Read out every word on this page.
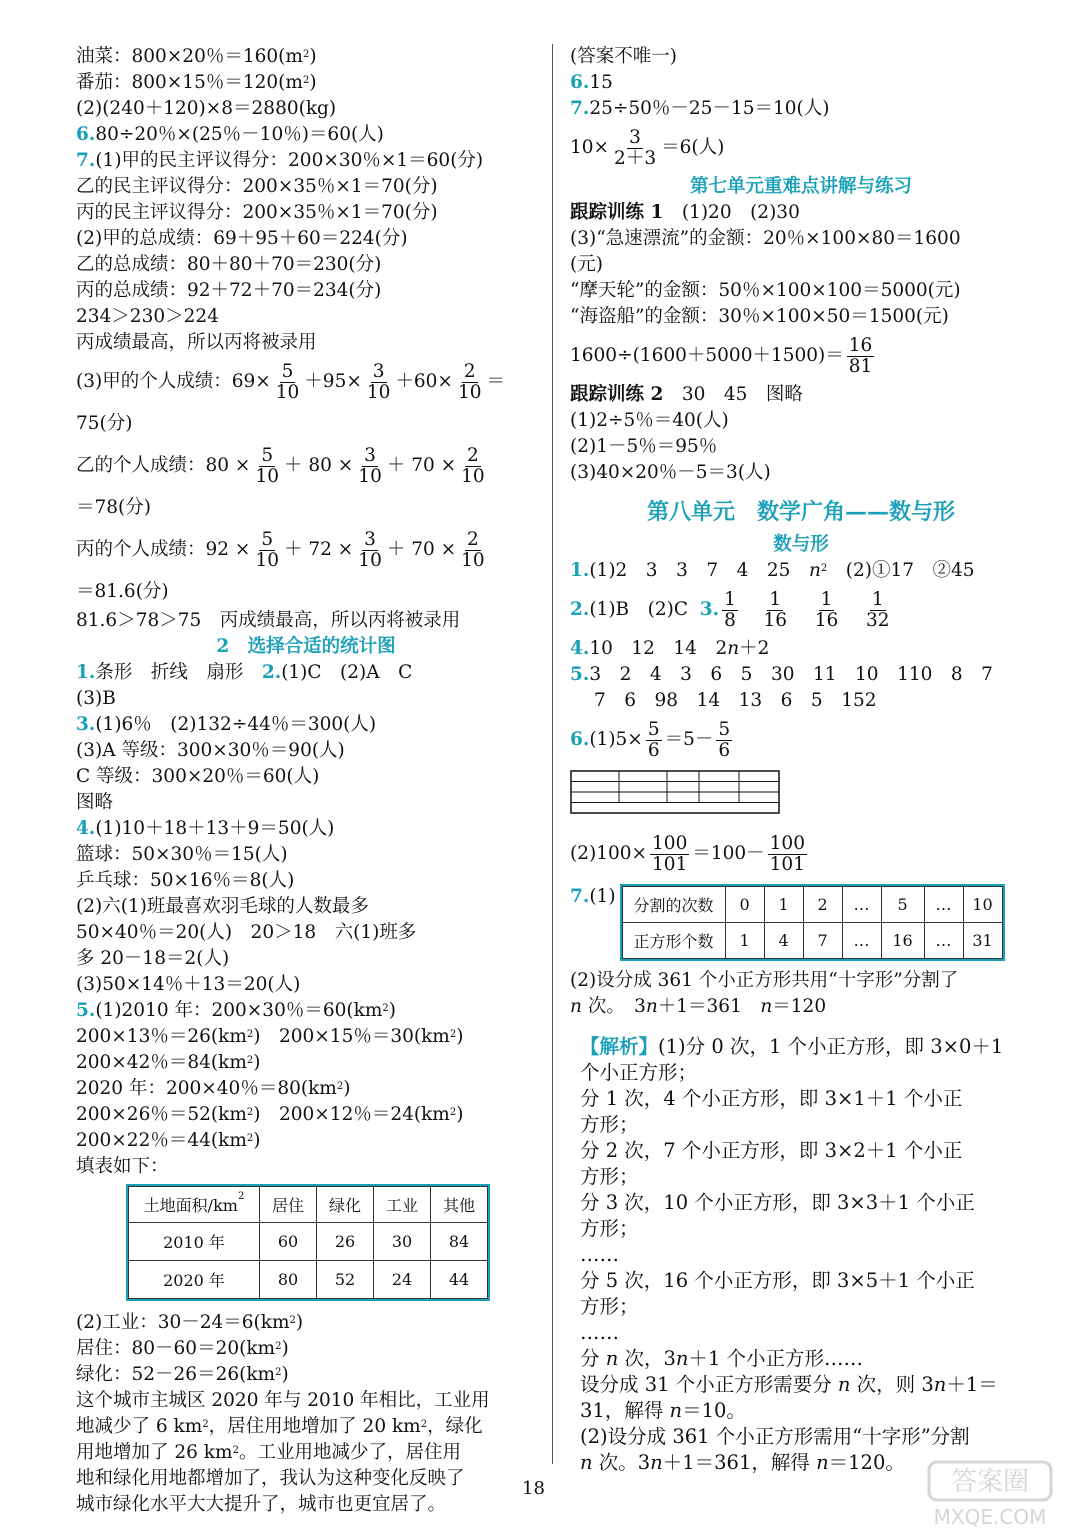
油菜：800×20％$=160(m^2)$
番茄：800×15％$=120(m^2)$
(2)(240＋120)×8＝2880(kg)
6.80÷20％×(25％－10％)＝60(人)
7.(1)甲的民主评议得分：200×30％×1＝60(分)
乙的民主评议得分：200×35％×1＝70(分)
丙的民主评议得分：200×35％×1＝70(分)
(2)甲的总成绩：69＋95＋60＝224(分)
乙的总成绩：80＋80＋70＝230(分)
丙的总成绩：92＋72＋70＝234(分)
234＞230＞224
丙成绩最高，所以丙将被录用
(3)甲的个人成绩：$69\times \frac{5}{10} +95\times \frac{3}{10} +60\times \frac{2}{10}$ ＝
75(分)
乙的个人成绩：$80 \times \frac{5}{10} + 80 \times \frac{3}{10} + 70 \times \frac{2}{10}$
＝78(分)
丙的个人成绩：$92 \times \frac{5}{10} + 72 \times \frac{3}{10} + 70 \times \frac{2}{10}$
＝81.6(分)
81.6＞78＞75　丙成绩最高，所以丙将被录用
2　选择合适的统计图
1.条形　折线　扇形　 2.(1)C　(2)A　C
(3)B
3.(1)6％　(2)132÷44％＝300(人)
(3)A 等级：300×30％＝90(人)
C 等级：300×20％＝60(人)
图略
4.(1)10＋18＋13＋9＝50(人)
篮球：50×30％＝15(人)
乒乓球：50×16％＝8(人)
(2)六(1)班最喜欢羽毛球的人数最多
50×40％＝20(人)　20＞18　六(1)班多
多 20－18＝2(人)
(3)50×14％＋13＝20(人)
5.(1)2010 年：200×30％$=60(km^2)$
200×13％$=26(km^2)$　 200×15％$=30(km^2)$
200×42％$=84(km^2)$
2020 年：200×40％$=80(km^2)$
200×26％$=52(km^2)$　 200×12％$=24(km^2)$
200×22％$=44(km^2)$
填表如下：
土地面积$/km^2$	居住	绿化	工业	其他
2010 年	60	26	30	84
2020 年	80	52	24	44
(2)工业：$30-24=6(km^2)$
居住：$80-60=20(km^2)$
绿化：$52-26=26(km^2)$
这个城市主城区 2020 年与 2010 年相比，工业用
地减少了 6 $km^2$，居住用地增加了 20 $km^2$，绿化
用地增加了 26 $km^2$。工业用地减少了，居住用
地和绿化用地都增加了，我认为这种变化反映了
城市绿化水平大大提升了，城市也更宜居了。
(答案不唯一)
6.15
7.25÷50％－25－15＝10(人)
$10\times \frac{3}{2+3} =6$(人)
第七单元重难点讲解与练习
跟踪训练 1　 (1)20　(2)30
(3)“急速漂流”的金额：20％×100×80＝1600
(元)
“摩天轮”的金额：50％×100×100＝5000(元)
“海盗船”的金额：30％×100×50＝1500(元)
$1600\div(1600+5000+1500)= \frac{16}{81}$
跟踪训练 2　 30　45　图略
(1)2÷5％＝40(人)
(2)1－5％＝95％
(3)40×20％－5＝3(人)
第八单元　数学广角——数与形
数与形
1.(1)2　3　3　7　4　25　 $n^2$　 (2)①17　②45
2. (1)B　(2)C
3. $\frac{1}{8}$
$\frac{1}{16}$
$\frac{1}{16}$
$\frac{1}{32}$
4.10　12　14　2n＋2
5.3　2　4　3　6　5　30　11　10　110　8　7
7　6　98　14　13　6　5　152
6. $(1)5\times \frac{5}{6} =5- \frac{5}{6}$
$(2)100\times \frac{100}{101} =100- \frac{100}{101}$
7. (1) 分割的次数	0	1	2	…	5	…	10
正方形个数	1	4	7	…	16	…	31
(2)设分成 361 个小正方形共用“十字形”分割了
n 次。　3n＋1＝361　n＝120
【解析】(1)分 0 次，1 个小正方形，即 3×0＋1
个小正方形；
分 1 次，4 个小正方形，即 3×1＋1 个小正
方形；
分 2 次，7 个小正方形，即 3×2＋1 个小正
方形；
分 3 次，10 个小正方形，即 3×3＋1 个小正
方形；
……
分 5 次，16 个小正方形，即 3×5＋1 个小正
方形；
……
分 n 次，3n＋1 个小正方形……
设分成 31 个小正方形需要分 n 次，则 3n＋1＝
31，解得 n＝10。
(2)设分成 361 个小正方形需用“十字形”分割
n 次。3n＋1＝361，解得 n＝120。
18	答案圈
MXQE.COM
